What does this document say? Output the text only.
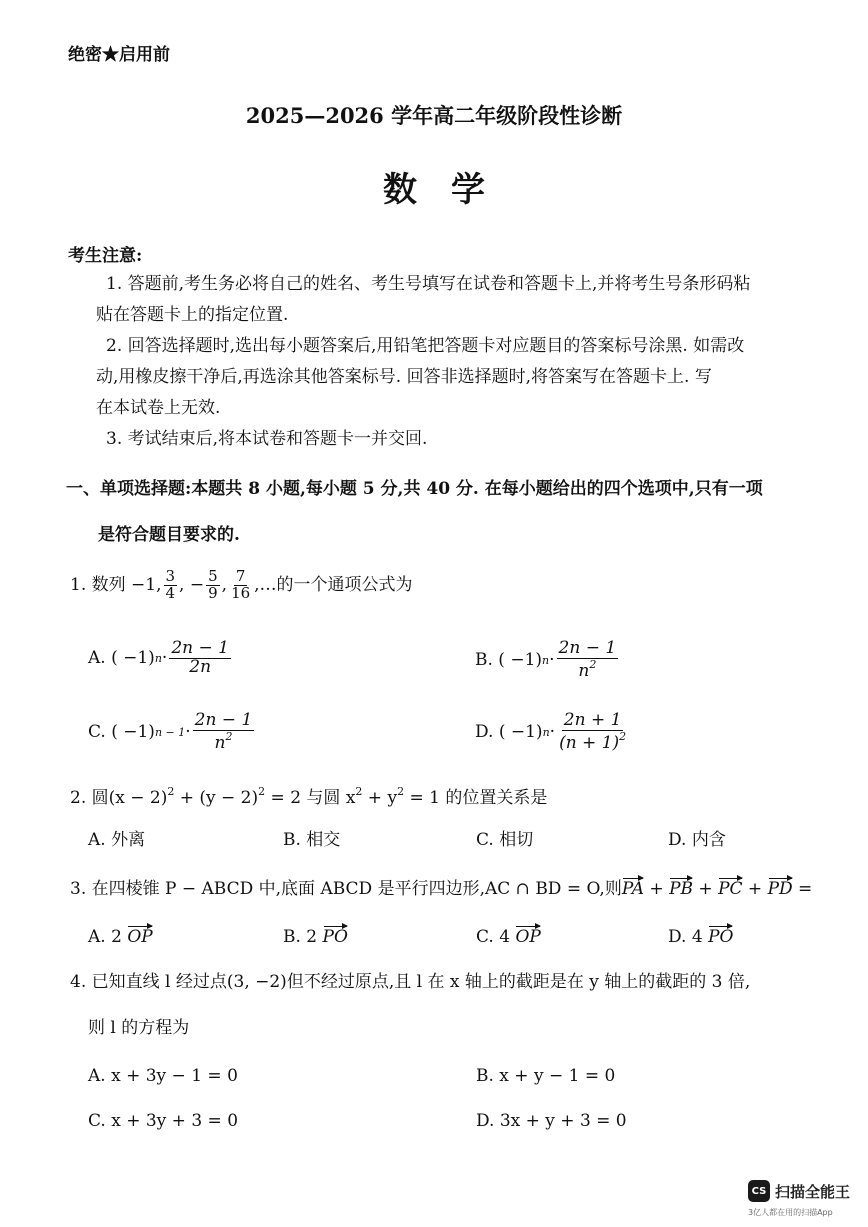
绝密★启用前
2025—2026 学年高二年级阶段性诊断
数　学
考生注意:
1. 答题前,考生务必将自己的姓名、考生号填写在试卷和答题卡上,并将考生号条形码粘
贴在答题卡上的指定位置.
2. 回答选择题时,选出每小题答案后,用铅笔把答题卡对应题目的答案标号涂黑. 如需改
动,用橡皮擦干净后,再选涂其他答案标号. 回答非选择题时,将答案写在答题卡上. 写
在本试卷上无效.
3. 考试结束后,将本试卷和答题卡一并交回.
一、单项选择题:本题共 8 小题,每小题 5 分,共 40 分. 在每小题给出的四个选项中,只有一项
是符合题目要求的.
1. 数列 −1, $\frac{3}{4}$ , − $\frac{5}{9}$ , $\frac{7}{16}$ ,…的一个通项公式为
A. ( −1) $n \cdot \frac{2n - 1}{2n}$	B. ( −1) $n \cdot \frac{2n - 1}{n^2}$
C. ( −1) $n - 1 \cdot \frac{2n - 1}{n^2}$	D. ( −1) $n \cdot \frac{2n + 1}{(n + 1)^2}$
2. 圆$(x - 2)^2 + (y - 2)^2 = 2$ 与圆 $x^2 + y^2 = 1$ 的位置关系是
A. 外离	B. 相交	C. 相切	D. 内含
3. 在四棱锥 P − ABCD 中,底面 ABCD 是平行四边形,AC ∩ BD = O,则PA + PB + PC + PD =
A. 2 OP	B. 2 PO	C. 4 OP	D. 4 PO
4. 已知直线 l 经过点(3, −2)但不经过原点,且 l 在 x 轴上的截距是在 y 轴上的截距的 3 倍,
则 l 的方程为
A. x + 3y − 1 = 0	B. x + y − 1 = 0
C. x + 3y + 3 = 0	D. 3x + y + 3 = 0
CS 扫描全能王
3亿人都在用的扫描App
